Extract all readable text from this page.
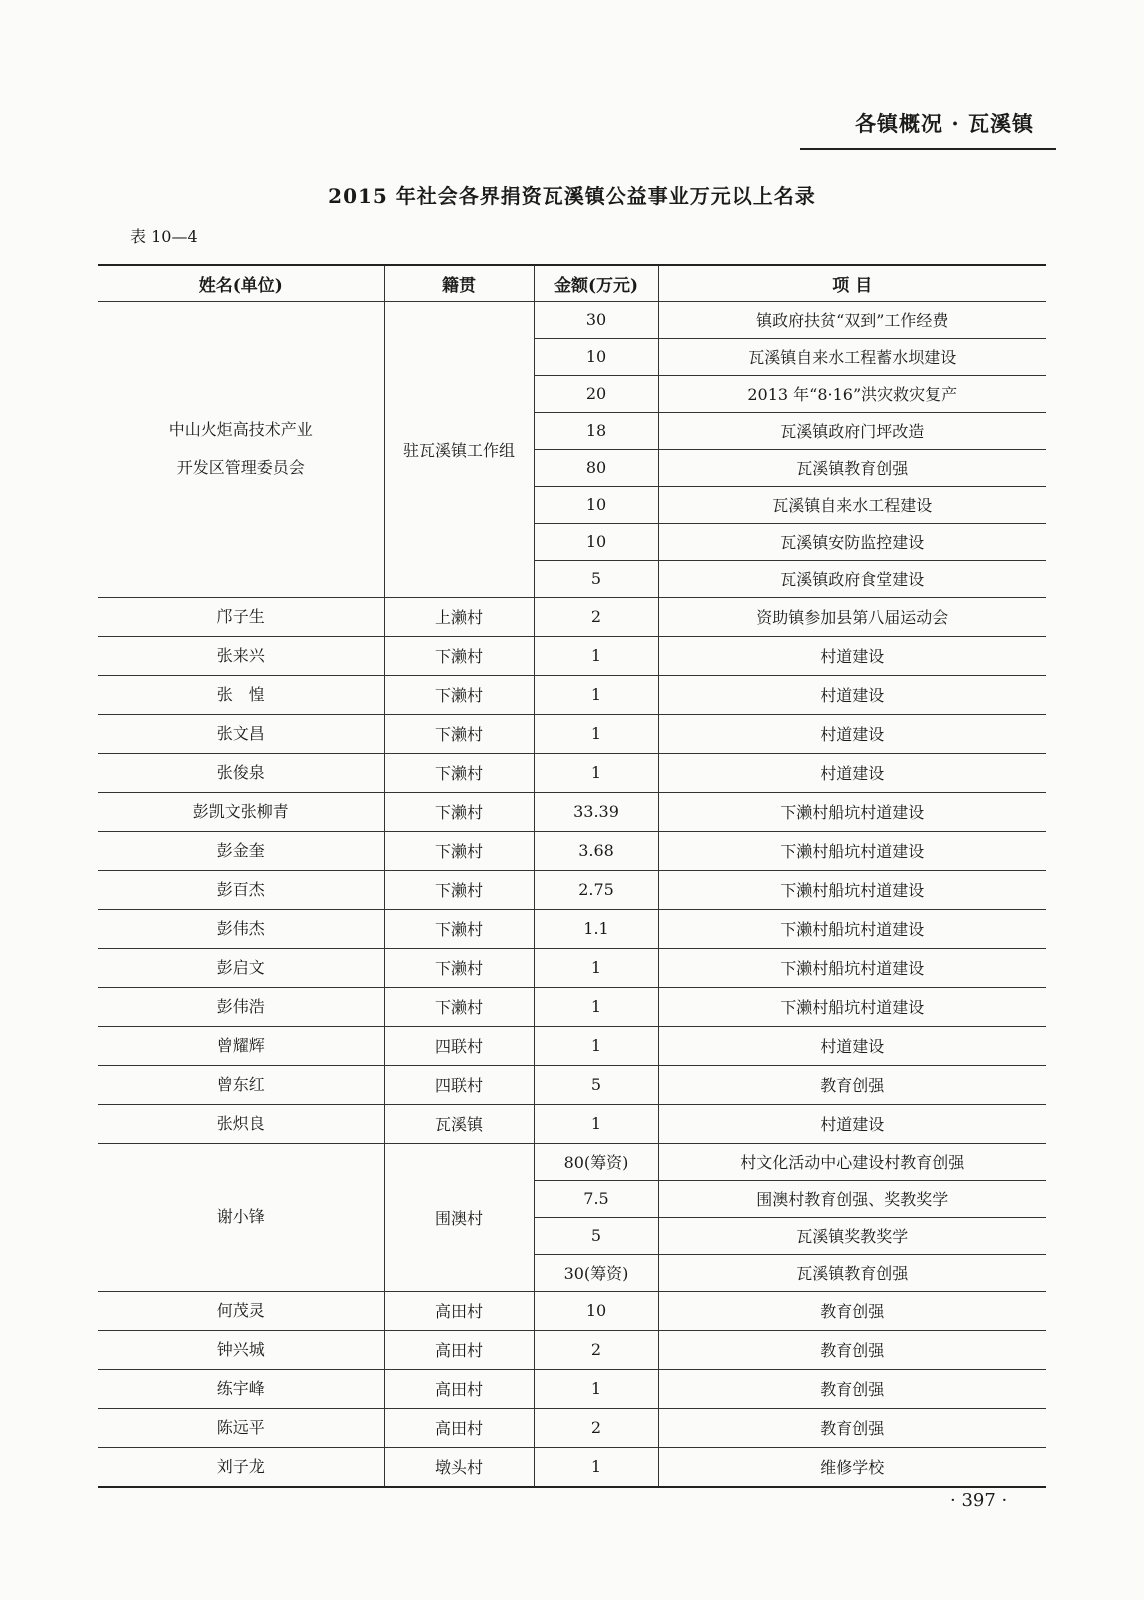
各镇概况 · 瓦溪镇
2015 年社会各界捐资瓦溪镇公益事业万元以上名录
表 10—4
姓名(单位)	籍贯	金额(万元)	项 目

中山火炬高技术产业
开发区管理委员会	驻瓦溪镇工作组	30	镇政府扶贫“双到”工作经费
		10	瓦溪镇自来水工程蓄水坝建设
		20	2013 年“8·16”洪灾救灾复产
		18	瓦溪镇政府门坪改造
		80	瓦溪镇教育创强
		10	瓦溪镇自来水工程建设
		10	瓦溪镇安防监控建设
		5	瓦溪镇政府食堂建设

邝子生	上濑村	2	资助镇参加县第八届运动会

张来兴	下濑村	1	村道建设

张　惶	下濑村	1	村道建设

张文昌	下濑村	1	村道建设

张俊泉	下濑村	1	村道建设

彭凯文张柳青	下濑村	33.39	下濑村船坑村道建设

彭金奎	下濑村	3.68	下濑村船坑村道建设

彭百杰	下濑村	2.75	下濑村船坑村道建设

彭伟杰	下濑村	1.1	下濑村船坑村道建设

彭启文	下濑村	1	下濑村船坑村道建设

彭伟浩	下濑村	1	下濑村船坑村道建设

曾耀辉	四联村	1	村道建设

曾东红	四联村	5	教育创强

张炽良	瓦溪镇	1	村道建设

谢小锋	围澳村	80(筹资)	村文化活动中心建设村教育创强
		7.5	围澳村教育创强、奖教奖学
		5	瓦溪镇奖教奖学
		30(筹资)	瓦溪镇教育创强

何茂灵	高田村	10	教育创强

钟兴城	高田村	2	教育创强

练宇峰	高田村	1	教育创强

陈远平	高田村	2	教育创强

刘子龙	墩头村	1	维修学校
· 397 ·
